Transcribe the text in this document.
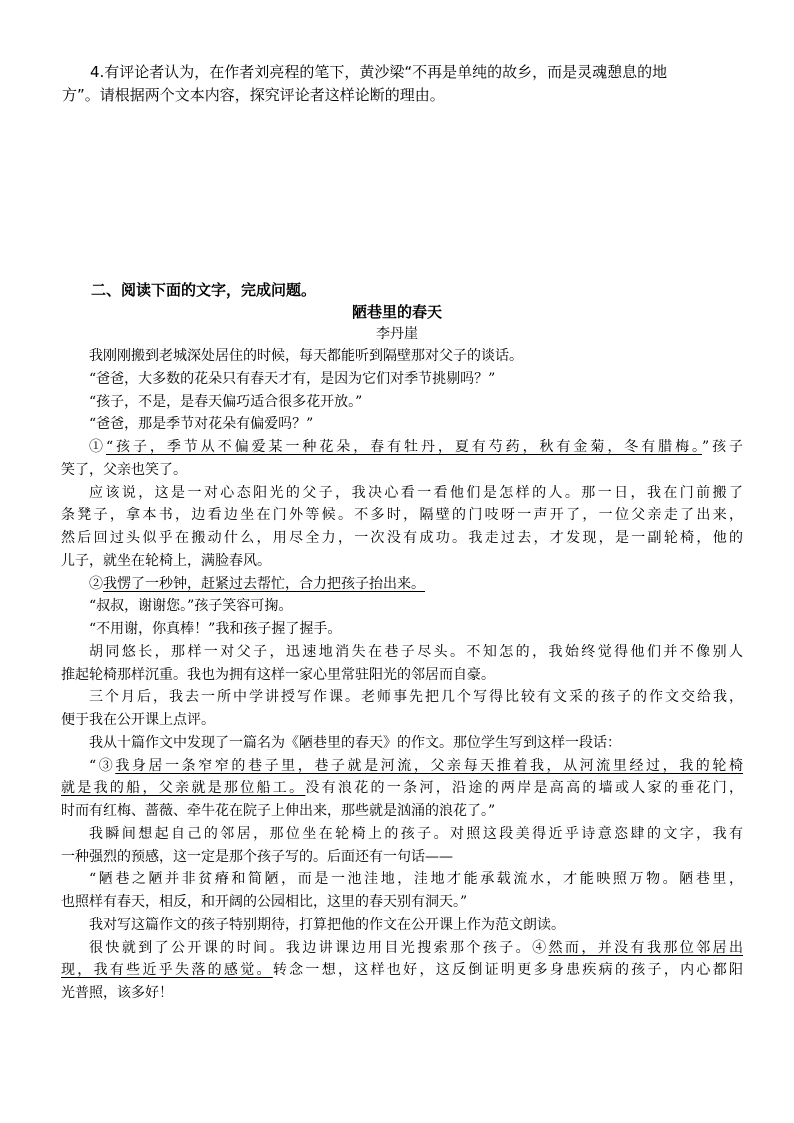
4.有评论者认为，在作者刘亮程的笔下，黄沙梁“不再是单纯的故乡，而是灵魂憩息的地
方”。请根据两个文本内容，探究评论者这样论断的理由。
二、阅读下面的文字，完成问题。
陋巷里的春天
李丹崖
我刚刚搬到老城深处居住的时候，每天都能听到隔壁那对父子的谈话。
“爸爸，大多数的花朵只有春天才有，是因为它们对季节挑剔吗？”
“孩子，不是，是春天偏巧适合很多花开放。”
“爸爸，那是季节对花朵有偏爱吗？”
①“孩子，季节从不偏爱某一种花朵，春有牡丹，夏有芍药，秋有金菊，冬有腊梅。”孩子
笑了，父亲也笑了。
应该说，这是一对心态阳光的父子，我决心看一看他们是怎样的人。那一日，我在门前搬了
条凳子，拿本书，边看边坐在门外等候。不多时，隔壁的门吱呀一声开了，一位父亲走了出来，
然后回过头似乎在搬动什么，用尽全力，一次没有成功。我走过去，才发现，是一副轮椅，他的
儿子，就坐在轮椅上，满脸春风。
②我愣了一秒钟，赶紧过去帮忙，合力把孩子抬出来。
“叔叔，谢谢您。”孩子笑容可掬。
“不用谢，你真棒！”我和孩子握了握手。
胡同悠长，那样一对父子，迅速地消失在巷子尽头。不知怎的，我始终觉得他们并不像别人
推起轮椅那样沉重。我也为拥有这样一家心里常驻阳光的邻居而自豪。
三个月后，我去一所中学讲授写作课。老师事先把几个写得比较有文采的孩子的作文交给我，
便于我在公开课上点评。
我从十篇作文中发现了一篇名为《陋巷里的春天》的作文。那位学生写到这样一段话：
“③我身居一条窄窄的巷子里，巷子就是河流，父亲每天推着我，从河流里经过，我的轮椅
就是我的船，父亲就是那位船工。没有浪花的一条河，沿途的两岸是高高的墙或人家的垂花门，
时而有红梅、蔷薇、牵牛花在院子上伸出来，那些就是汹涌的浪花了。”
我瞬间想起自己的邻居，那位坐在轮椅上的孩子。对照这段美得近乎诗意恣肆的文字，我有
一种强烈的预感，这一定是那个孩子写的。后面还有一句话——
“陋巷之陋并非贫瘠和简陋，而是一池洼地，洼地才能承载流水，才能映照万物。陋巷里，
也照样有春天，相反，和开阔的公园相比，这里的春天别有洞天。”
我对写这篇作文的孩子特别期待，打算把他的作文在公开课上作为范文朗读。
很快就到了公开课的时间。我边讲课边用目光搜索那个孩子。④然而，并没有我那位邻居出
现，我有些近乎失落的感觉。转念一想，这样也好，这反倒证明更多身患疾病的孩子，内心都阳
光普照，该多好！
